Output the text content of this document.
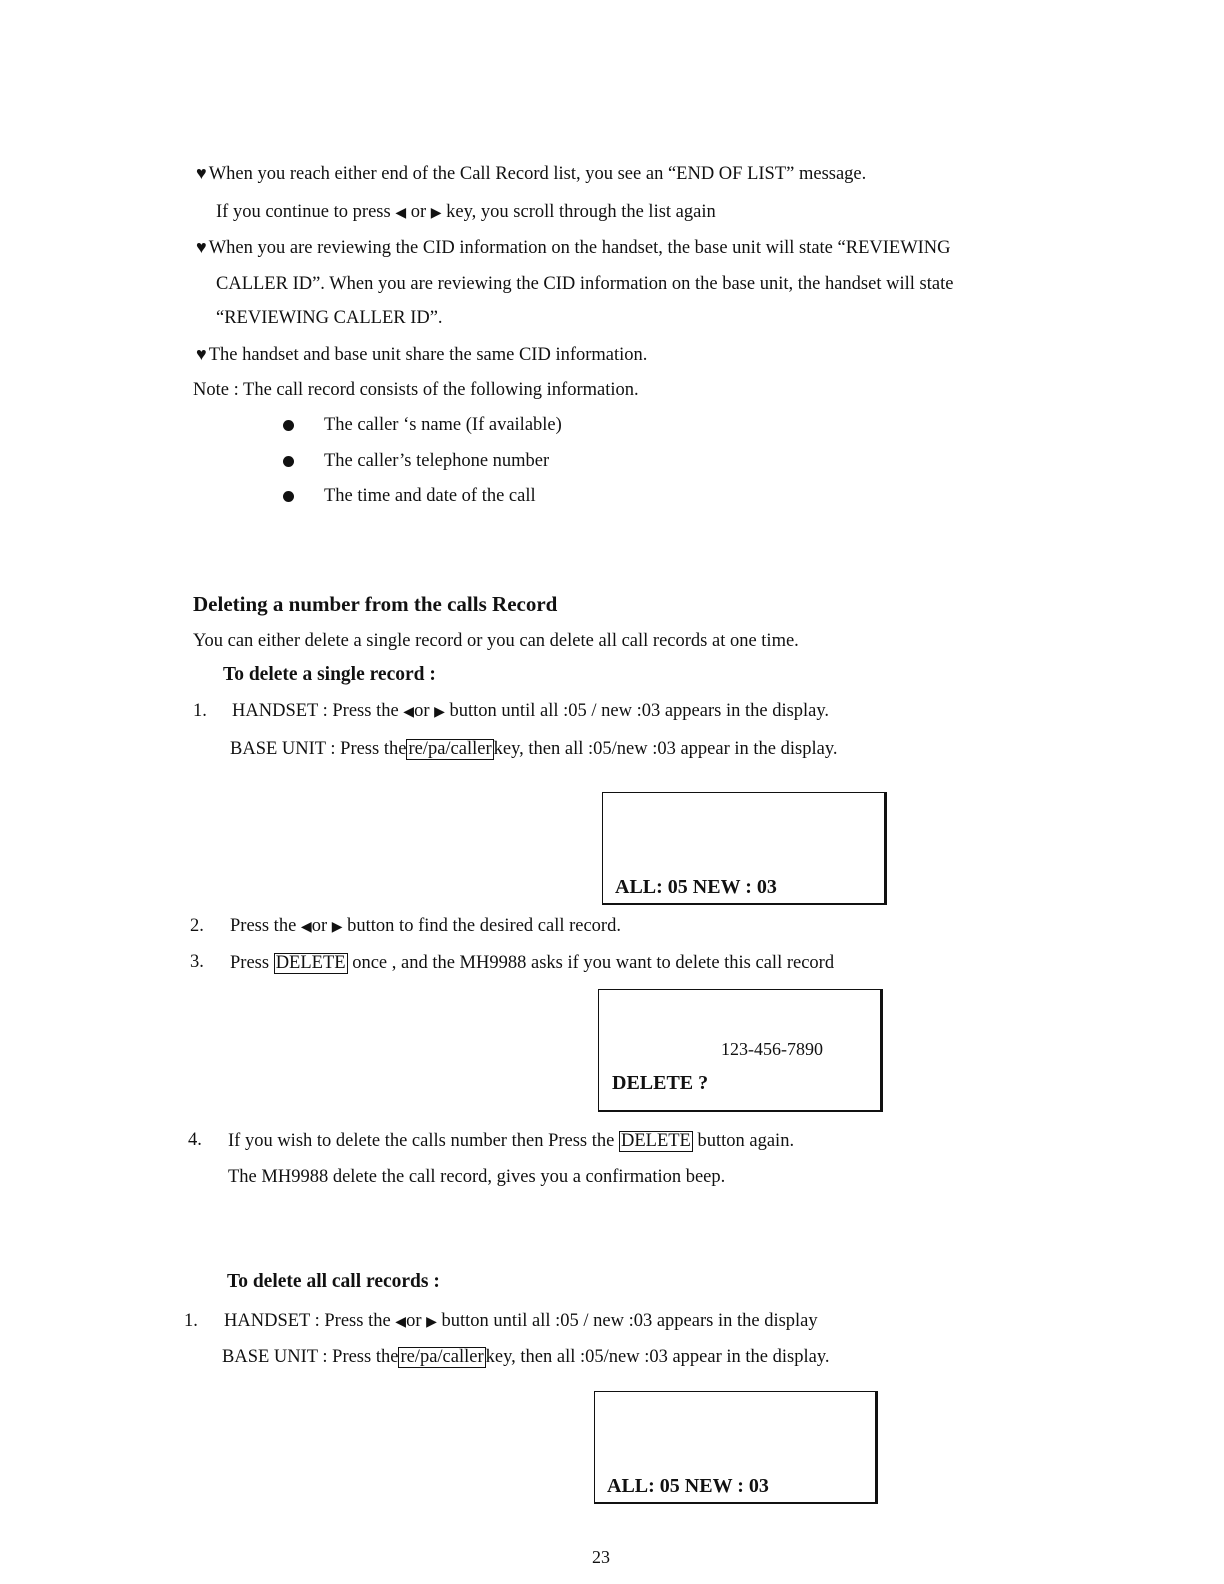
♥ When you reach either end of the Call Record list, you see an “END OF LIST” message.
If you continue to press ◀ or ▶ key, you scroll through the list again
♥ When you are reviewing the CID information on the handset, the base unit will state “REVIEWING
CALLER ID”. When you are reviewing the CID information on the base unit, the handset will state
“REVIEWING CALLER ID”.
♥ The handset and base unit share the same CID information.
Note : The call record consists of the following information.
The caller ‘s name (If available)
The caller’s telephone number
The time and date of the call
Deleting a number from the calls Record
You can either delete a single record or you can delete all call records at one time.
To delete a single record :
1. HANDSET : Press the ◀or ▶ button until all :05 / new :03 appears in the display.
BASE UNIT : Press the re/pa/caller key, then all :05/new :03 appear in the display.
ALL: 05 NEW : 03
2. Press the ◀or ▶ button to find the desired call record.
3. Press DELETE once , and the MH9988 asks if you want to delete this call record
123-456-7890
DELETE ?
4. If you wish to delete the calls number then Press the DELETE button again.
The MH9988 delete the call record, gives you a confirmation beep.
To delete all call records :
1. HANDSET : Press the ◀or ▶ button until all :05 / new :03 appears in the display
BASE UNIT : Press the re/pa/caller key, then all :05/new :03 appear in the display.
ALL: 05 NEW : 03
23
